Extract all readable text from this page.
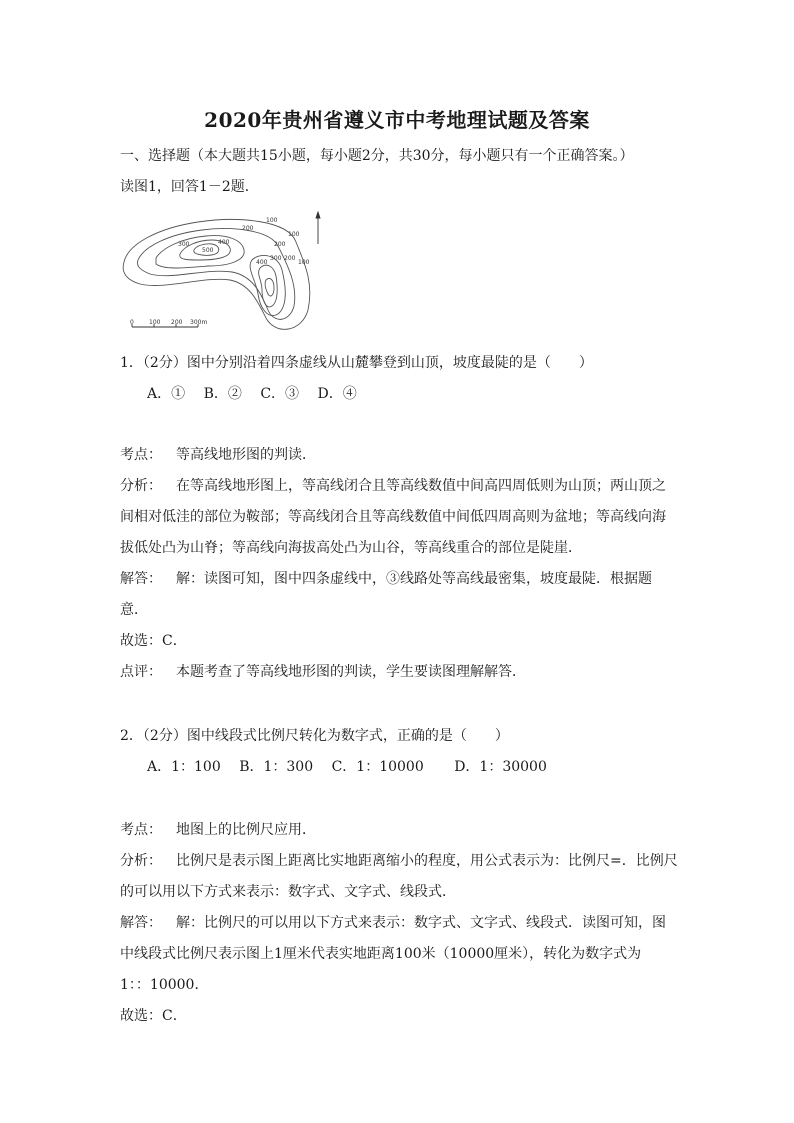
2020年贵州省遵义市中考地理试题及答案
一、选择题（本大题共15小题，每小题2分，共30分，每小题只有一个正确答案。）
读图1，回答1－2题．
500
400
300
200
100
400
300 200
100
200
100
0	100 200 300m
1．（2分）图中分别沿着四条虚线从山麓攀登到山顶，坡度最陡的是（　　）
A．① B．② C．③ D．④
考点： 等高线地形图的判读．
分析： 在等高线地形图上，等高线闭合且等高线数值中间高四周低则为山顶；两山顶之
间相对低洼的部位为鞍部；等高线闭合且等高线数值中间低四周高则为盆地；等高线向海
拔低处凸为山脊；等高线向海拔高处凸为山谷，等高线重合的部位是陡崖．
解答： 解：读图可知，图中四条虚线中，③线路处等高线最密集，坡度最陡．根据题
意．
故选：C．
点评： 本题考查了等高线地形图的判读，学生要读图理解解答．
2．（2分）图中线段式比例尺转化为数字式，正确的是（　　）
A．1：100 B．1：300 C．1：10000 D．1：30000
考点： 地图上的比例尺应用．
分析： 比例尺是表示图上距离比实地距离缩小的程度，用公式表示为：比例尺=．比例尺
的可以用以下方式来表示：数字式、文字式、线段式．
解答： 解：比例尺的可以用以下方式来表示：数字式、文字式、线段式．读图可知，图
中线段式比例尺表示图上1厘米代表实地距离100米（10000厘米），转化为数字式为
1：：10000．
故选：C．
